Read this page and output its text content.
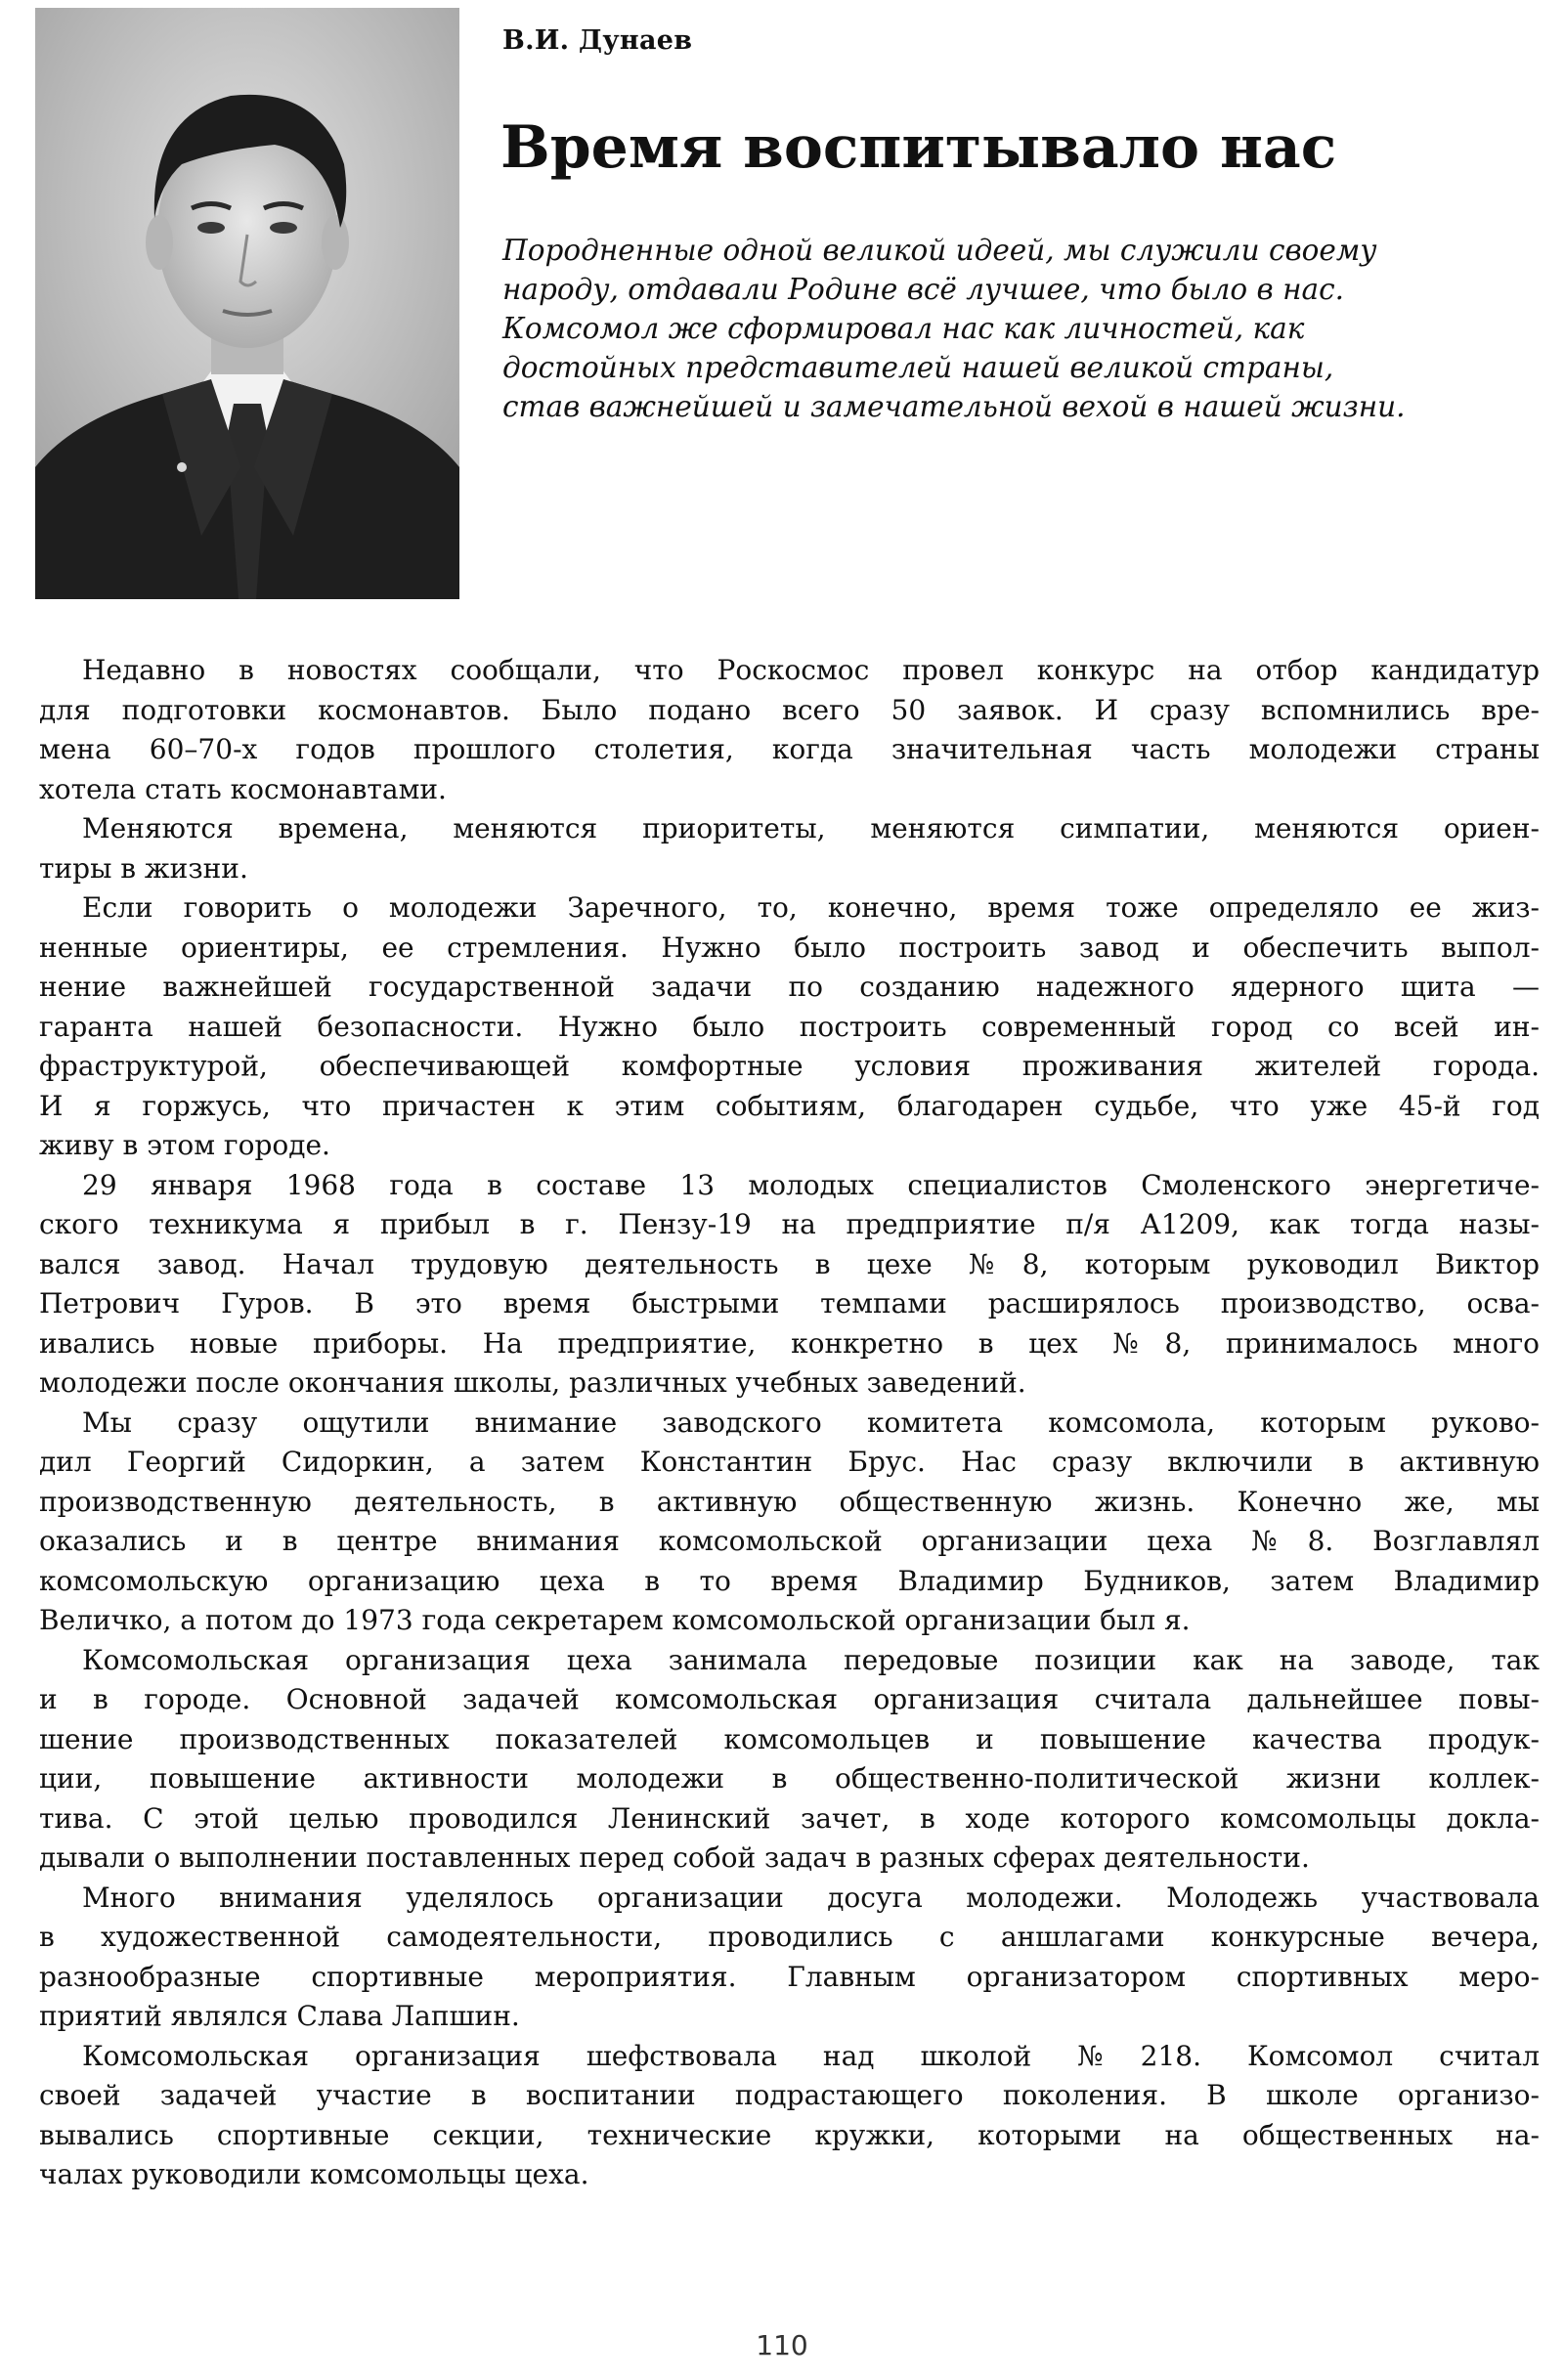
В.И. Дунаев
Время воспитывало нас
Породненные одной великой идеей, мы служили своему
народу, отдавали Родине всё лучшее, что было в нас.
Комсомол же сформировал нас как личностей, как
достойных представителей нашей великой страны,
став важнейшей и замечательной вехой в нашей жизни.
Недавно в новостях сообщали, что Роскосмос провел конкурс на отбор кандидатур
для подготовки космонавтов. Было подано всего 50 заявок. И сразу вспомнились вре-
мена 60–70-х годов прошлого столетия, когда значительная часть молодежи страны
хотела стать космонавтами.
Меняются времена, меняются приоритеты, меняются симпатии, меняются ориен-
тиры в жизни.
Если говорить о молодежи Заречного, то, конечно, время тоже определяло ее жиз-
ненные ориентиры, ее стремления. Нужно было построить завод и обеспечить выпол-
нение важнейшей государственной задачи по созданию надежного ядерного щита —
гаранта нашей безопасности. Нужно было построить современный город со всей ин-
фраструктурой, обеспечивающей комфортные условия проживания жителей города.
И я горжусь, что причастен к этим событиям, благодарен судьбе, что уже 45-й год
живу в этом городе.
29 января 1968 года в составе 13 молодых специалистов Смоленского энергетиче-
ского техникума я прибыл в г. Пензу-19 на предприятие п/я А1209, как тогда назы-
вался завод. Начал трудовую деятельность в цехе №8, которым руководил Виктор
Петрович Гуров. В это время быстрыми темпами расширялось производство, осва-
ивались новые приборы. На предприятие, конкретно в цех №8, принималось много
молодежи после окончания школы, различных учебных заведений.
Мы сразу ощутили внимание заводского комитета комсомола, которым руково-
дил Георгий Сидоркин, а затем Константин Брус. Нас сразу включили в активную
производственную деятельность, в активную общественную жизнь. Конечно же, мы
оказались и в центре внимания комсомольской организации цеха №8. Возглавлял
комсомольскую организацию цеха в то время Владимир Будников, затем Владимир
Величко, а потом до 1973 года секретарем комсомольской организации был я.
Комсомольская организация цеха занимала передовые позиции как на заводе, так
и в городе. Основной задачей комсомольская организация считала дальнейшее повы-
шение производственных показателей комсомольцев и повышение качества продук-
ции, повышение активности молодежи в общественно-политической жизни коллек-
тива. С этой целью проводился Ленинский зачет, в ходе которого комсомольцы докла-
дывали о выполнении поставленных перед собой задач в разных сферах деятельности.
Много внимания уделялось организации досуга молодежи. Молодежь участвовала
в художественной самодеятельности, проводились с аншлагами конкурсные вечера,
разнообразные спортивные мероприятия. Главным организатором спортивных меро-
приятий являлся Слава Лапшин.
Комсомольская организация шефствовала над школой №218. Комсомол считал
своей задачей участие в воспитании подрастающего поколения. В школе организо-
вывались спортивные секции, технические кружки, которыми на общественных на-
чалах руководили комсомольцы цеха.
110
